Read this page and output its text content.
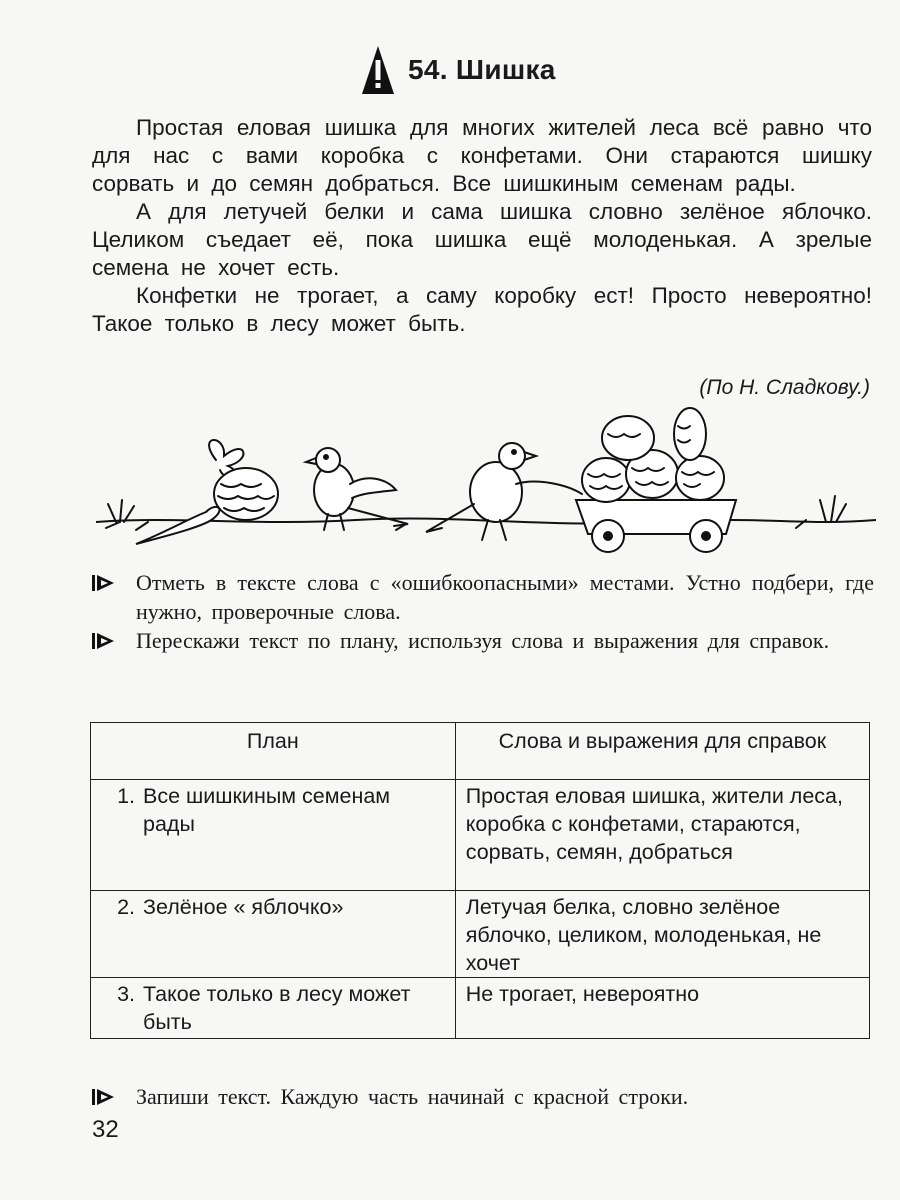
54. Шишка

Простая еловая шишка для многих жителей леса всё равно что для нас с вами коробка с конфетами. Они стараются шишку сорвать и до семян добраться. Все шишкиным семенам рады.

А для летучей белки и сама шишка словно зелёное яблочко. Целиком съедает её, пока шишка ещё молоденькая. А зрелые семена не хочет есть.

Конфетки не трогает, а саму коробку ест! Просто невероятно! Такое только в лесу может быть.

(По Н. Сладкову.)

Отметь в тексте слова с «ошибкоопасными» местами. Устно подбери, где нужно, проверочные слова.

Перескажи текст по плану, используя слова и выражения для справок.

План	Слова и выражения для справок

1. Все шишкиным семенам рады	Простая еловая шишка, жители леса, коробка с конфетами, стараются, сорвать, семян, добраться

2. Зелёное « яблочко»	Летучая белка, словно зелёное яблочко, целиком, молоденькая, не хочет

3. Такое только в лесу может быть	Не трогает, невероятно

Запиши текст. Каждую часть начинай с красной строки.

32
